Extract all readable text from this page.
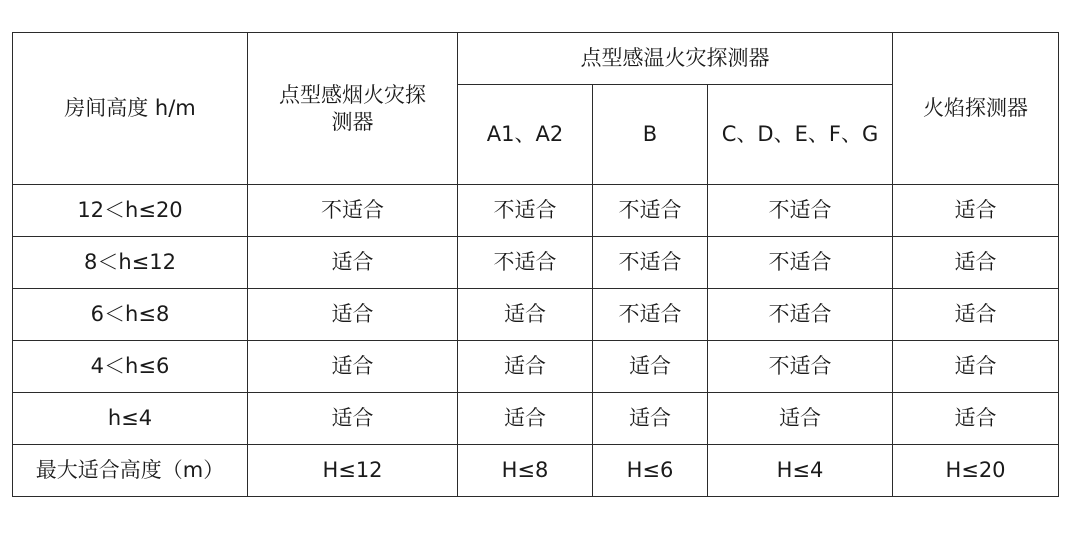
房间高度 h/m	点型感烟火灾探测器	点型感温火灾探测器			火焰探测器
		A1、A2	B	C、D、E、F、G	
12＜h≤20	不适合	不适合	不适合	不适合	适合
8＜h≤12	适合	不适合	不适合	不适合	适合
6＜h≤8	适合	适合	不适合	不适合	适合
4＜h≤6	适合	适合	适合	不适合	适合
h≤4	适合	适合	适合	适合	适合
最大适合高度（m）	H≤12	H≤8	H≤6	H≤4	H≤20
